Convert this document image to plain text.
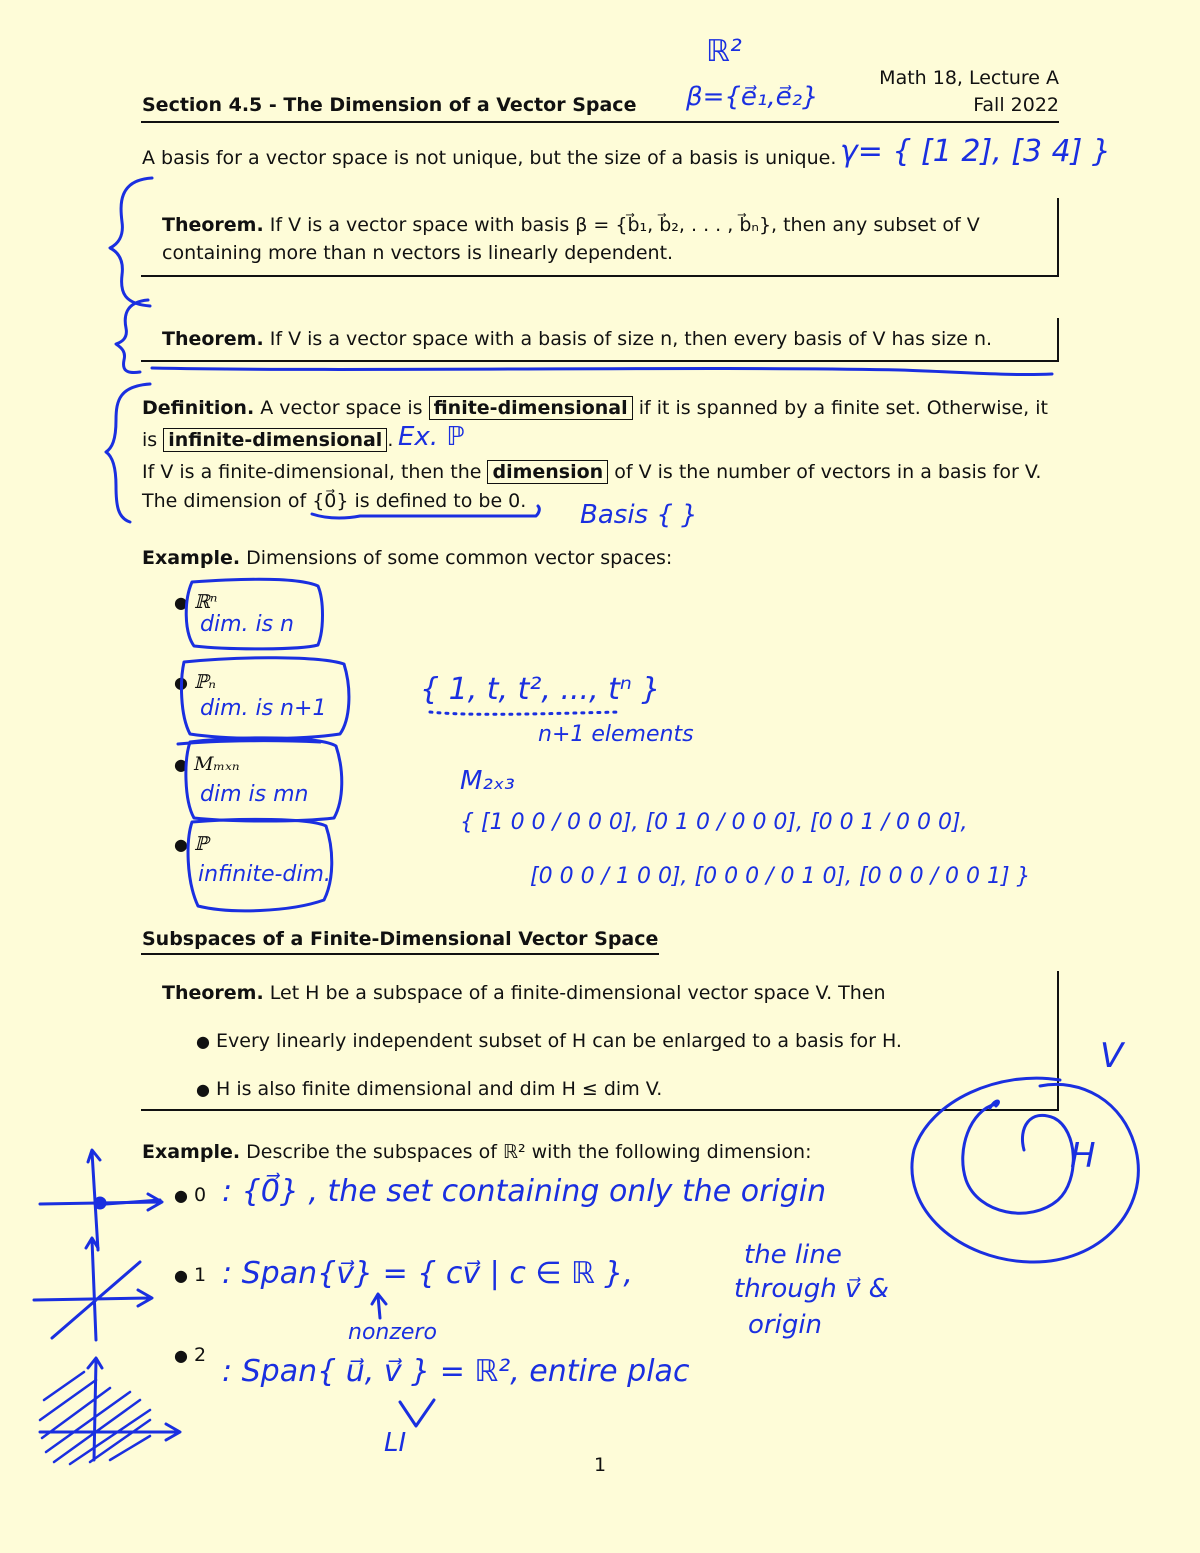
Section 4.5 - The Dimension of a Vector Space
Math 18, Lecture A
Fall 2022
A basis for a vector space is not unique, but the size of a basis is unique.
Theorem. If V is a vector space with basis β = {b⃗₁, b⃗₂, . . . , b⃗ₙ}, then any subset of V
containing more than n vectors is linearly dependent.
Theorem. If V is a vector space with a basis of size n, then every basis of V has size n.
Definition. A vector space is finite-dimensional if it is spanned by a finite set. Otherwise, it
is infinite-dimensional .
If V is a finite-dimensional, then the dimension of V is the number of vectors in a basis for V.
The dimension of {0⃗} is defined to be 0.
Example. Dimensions of some common vector spaces:
● ℝⁿ
● ℙₙ
● Mₘₓₙ
● ℙ
Subspaces of a Finite-Dimensional Vector Space
Theorem. Let H be a subspace of a finite-dimensional vector space V. Then
● Every linearly independent subset of H can be enlarged to a basis for H.
● H is also finite dimensional and dim H ≤ dim V.
Example. Describe the subspaces of ℝ² with the following dimension:
● 0
● 1
● 2
1
ℝ²
β={e⃗₁,e⃗₂}
γ= { [1 2], [3 4] }
Ex. ℙ
Basis { }
dim. is n
dim. is n+1
dim is mn
infinite-dim.
{ 1, t, t², ..., tⁿ }
n+1 elements
M₂ₓ₃
{ [1 0 0 / 0 0 0], [0 1 0 / 0 0 0], [0 0 1 / 0 0 0],
[0 0 0 / 1 0 0], [0 0 0 / 0 1 0], [0 0 0 / 0 0 1] }
V
H
: {0⃗} , the set containing only the origin
: Span{v⃗} = { cv⃗ | c ∈ ℝ },
the line
through v⃗ &
origin
nonzero
: Span{ u⃗, v⃗ } = ℝ², entire plac
LI
